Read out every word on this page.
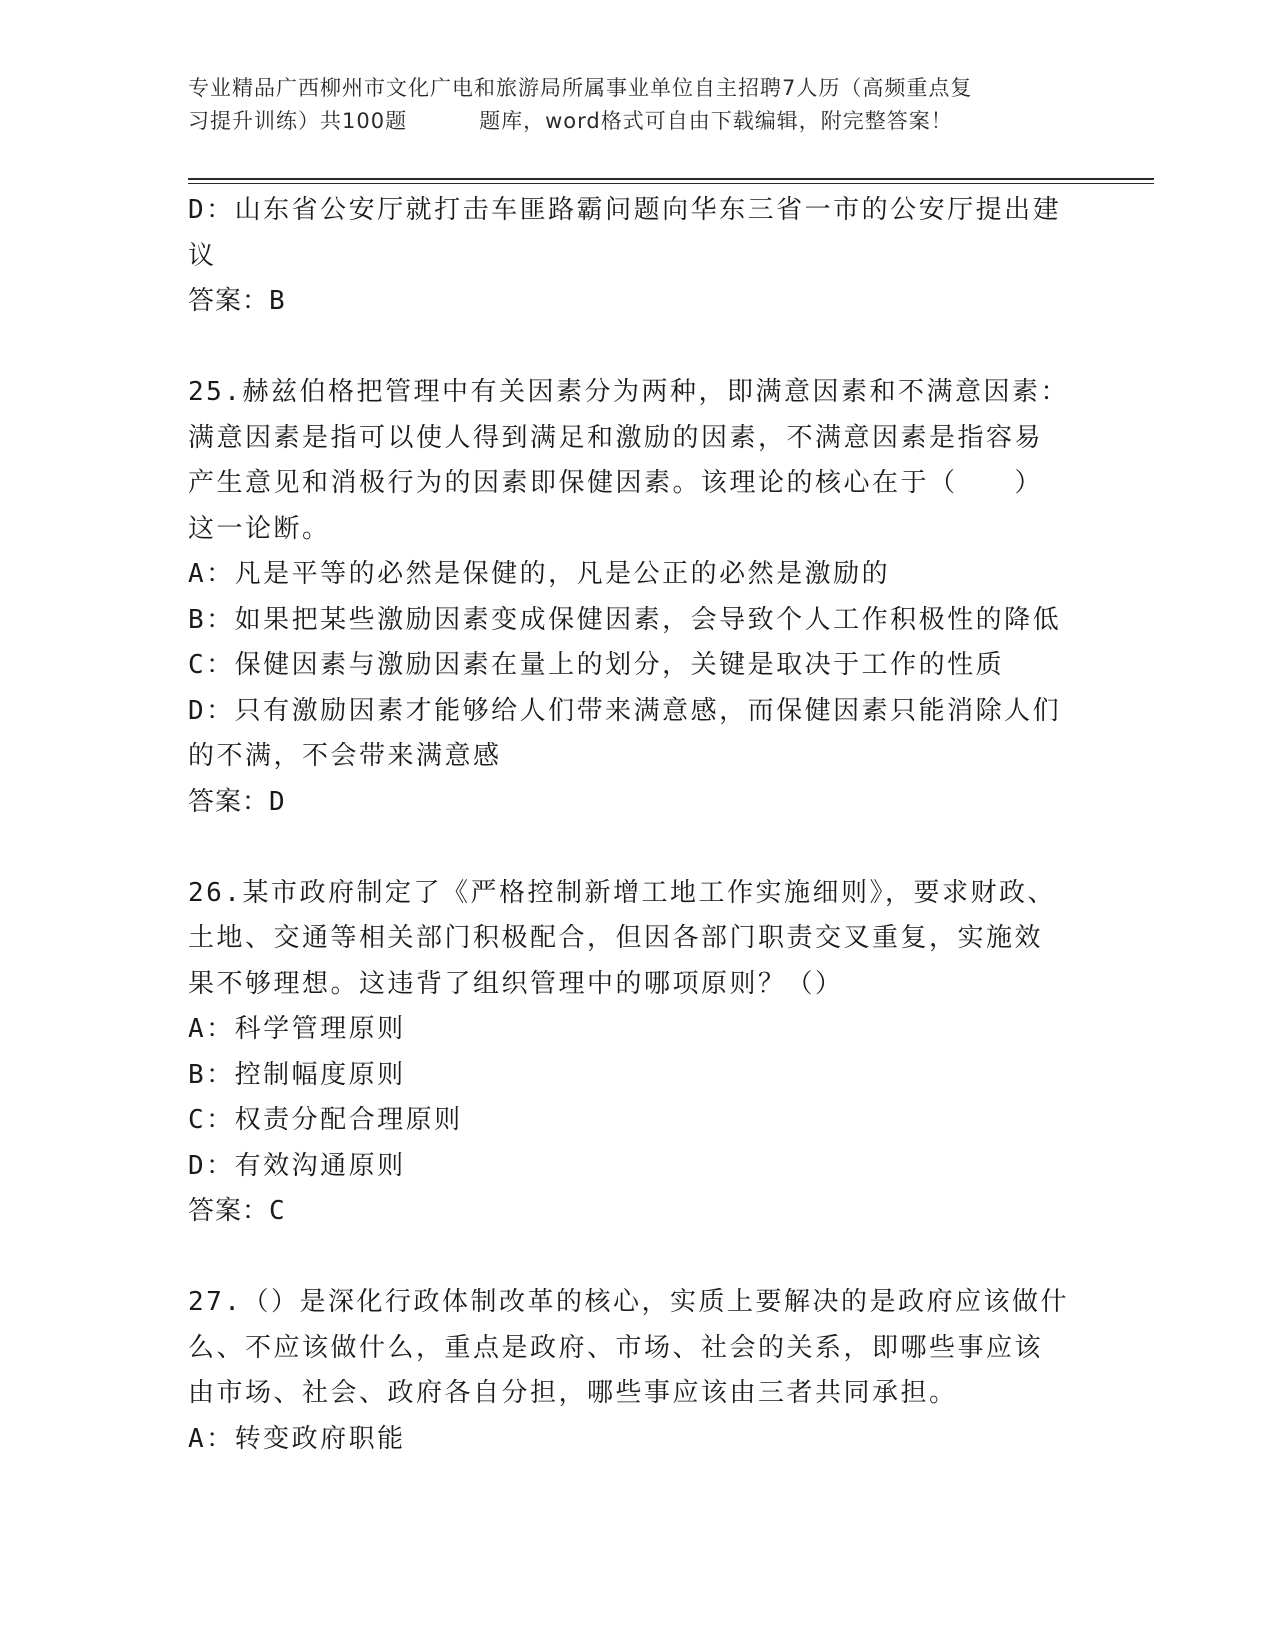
专业精品广西柳州市文化广电和旅游局所属事业单位自主招聘7人历（高频重点复
习提升训练）共100题	题库，word格式可自由下载编辑，附完整答案！
D：山东省公安厅就打击车匪路霸问题向华东三省一市的公安厅提出建
议
答案：B
25.赫兹伯格把管理中有关因素分为两种，即满意因素和不满意因素：
满意因素是指可以使人得到满足和激励的因素，不满意因素是指容易
产生意见和消极行为的因素即保健因素。该理论的核心在于（　　）
这一论断。
A：凡是平等的必然是保健的，凡是公正的必然是激励的
B：如果把某些激励因素变成保健因素，会导致个人工作积极性的降低
C：保健因素与激励因素在量上的划分，关键是取决于工作的性质
D：只有激励因素才能够给人们带来满意感，而保健因素只能消除人们
的不满，不会带来满意感
答案：D
26.某市政府制定了《严格控制新增工地工作实施细则》，要求财政、
土地、交通等相关部门积极配合，但因各部门职责交叉重复，实施效
果不够理想。这违背了组织管理中的哪项原则？（）
A：科学管理原则
B：控制幅度原则
C：权责分配合理原则
D：有效沟通原则
答案：C
27.（）是深化行政体制改革的核心，实质上要解决的是政府应该做什
么、不应该做什么，重点是政府、市场、社会的关系，即哪些事应该
由市场、社会、政府各自分担，哪些事应该由三者共同承担。
A：转变政府职能
